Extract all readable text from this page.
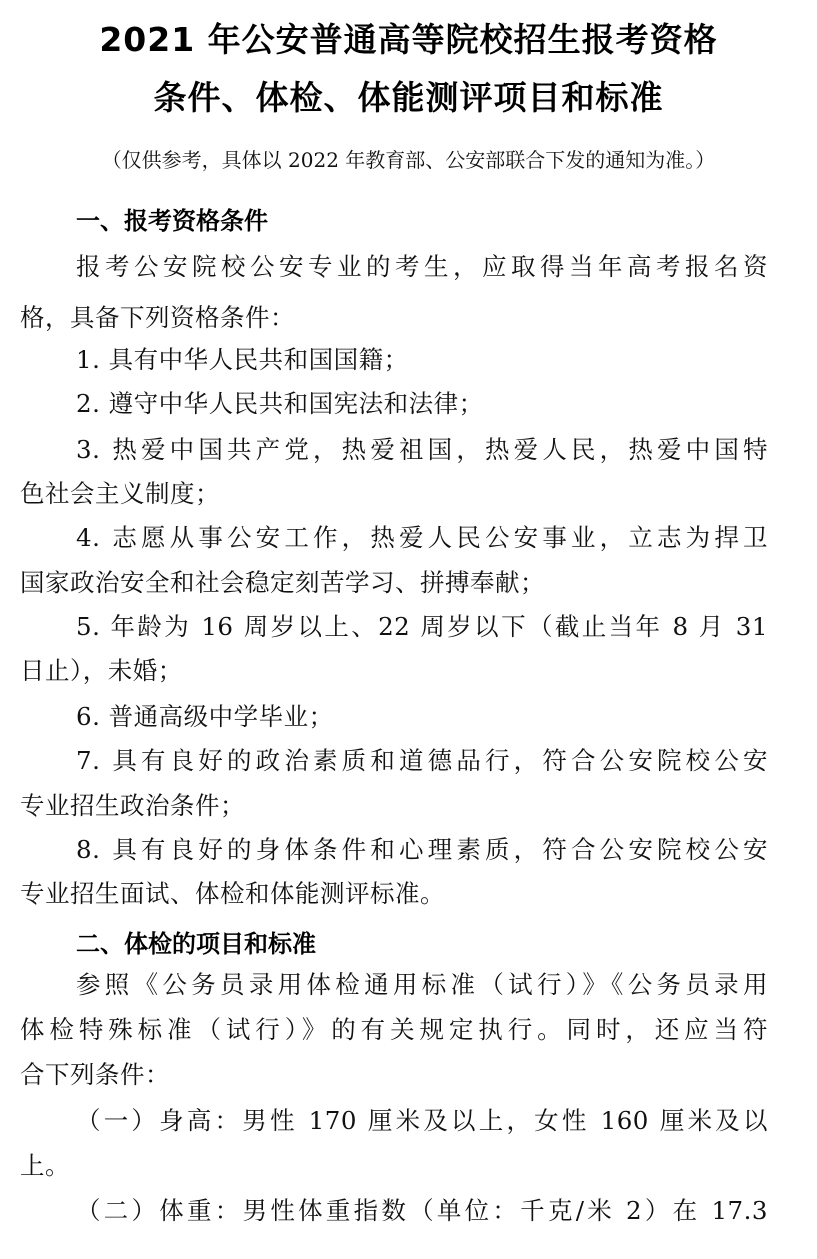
2021 年公安普通高等院校招生报考资格
条件、体检、体能测评项目和标准
（仅供参考，具体以 2022 年教育部、公安部联合下发的通知为准。）
一、报考资格条件
报考公安院校公安专业的考生，应取得当年高考报名资
格，具备下列资格条件：
1. 具有中华人民共和国国籍；
2. 遵守中华人民共和国宪法和法律；
3. 热爱中国共产党，热爱祖国，热爱人民，热爱中国特
色社会主义制度；
4. 志愿从事公安工作，热爱人民公安事业，立志为捍卫
国家政治安全和社会稳定刻苦学习、拼搏奉献；
5. 年龄为 16 周岁以上、22 周岁以下（截止当年 8 月 31
日止），未婚；
6. 普通高级中学毕业；
7. 具有良好的政治素质和道德品行，符合公安院校公安
专业招生政治条件；
8. 具有良好的身体条件和心理素质，符合公安院校公安
专业招生面试、体检和体能测评标准。
二、体检的项目和标准
参照《公务员录用体检通用标准（试行）》《公务员录用
体检特殊标准（试行）》的有关规定执行。同时，还应当符
合下列条件：
（一）身高：男性 170 厘米及以上，女性 160 厘米及以
上。
（二）体重：男性体重指数（单位：千克/米 2）在 17.3
